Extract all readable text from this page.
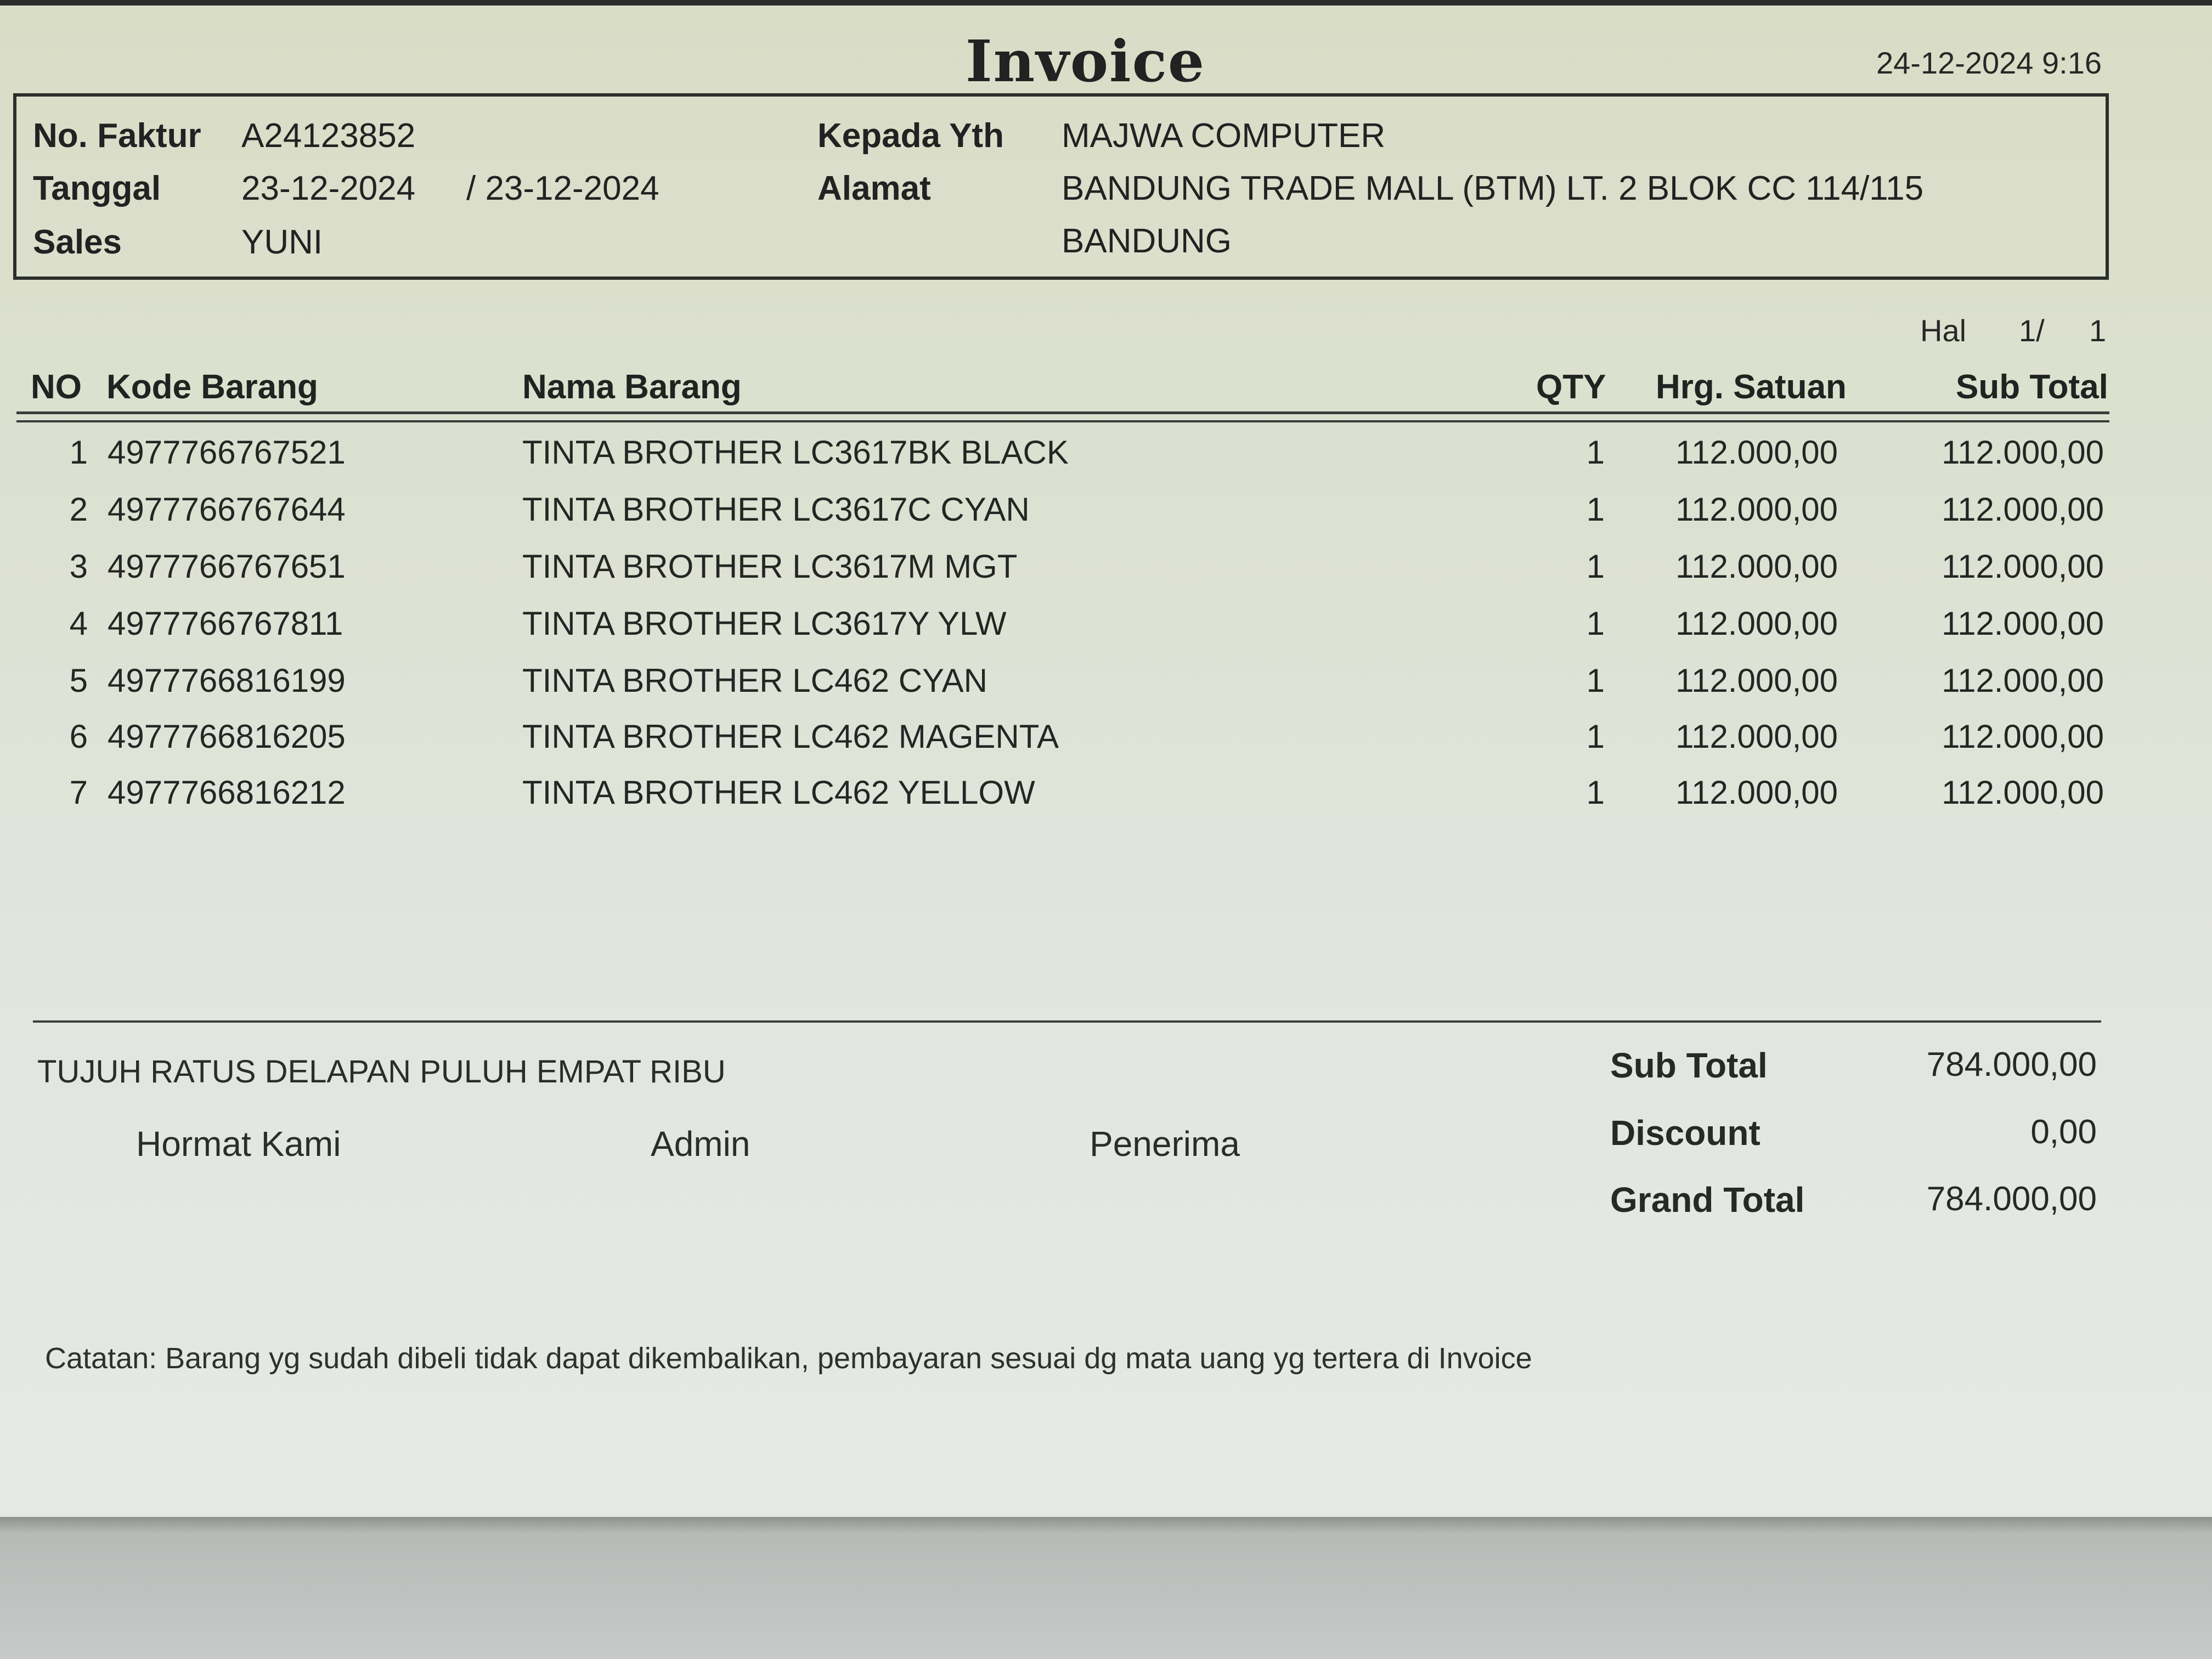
Invoice	24-12-2024 9:16
No. Faktur A24123852
Tanggal 23-12-2024 / 23-12-2024
Sales	YUNI
Kepada Yth MAJWA COMPUTER
Alamat	BANDUNG TRADE MALL (BTM) LT. 2 BLOK CC 114/115
BANDUNG
Hal 1/ 1
NO Kode Barang	Nama Barang	QTY Hrg. Satuan	Sub Total
1 4977766767521	TINTA BROTHER LC3617BK BLACK	1	112.000,00	112.000,00
2 4977766767644	TINTA BROTHER LC3617C CYAN	1	112.000,00	112.000,00
3 4977766767651	TINTA BROTHER LC3617M MGT	1	112.000,00	112.000,00
4 4977766767811	TINTA BROTHER LC3617Y YLW	1	112.000,00	112.000,00
5 4977766816199	TINTA BROTHER LC462 CYAN	1	112.000,00	112.000,00
6 4977766816205	TINTA BROTHER LC462 MAGENTA	1	112.000,00	112.000,00
7 4977766816212	TINTA BROTHER LC462 YELLOW	1	112.000,00	112.000,00
TUJUH RATUS DELAPAN PULUH EMPAT RIBU
Hormat Kami	Admin	Penerima
Sub Total	784.000,00
Discount	0,00
Grand Total	784.000,00
Catatan: Barang yg sudah dibeli tidak dapat dikembalikan, pembayaran sesuai dg mata uang yg tertera di Invoice
